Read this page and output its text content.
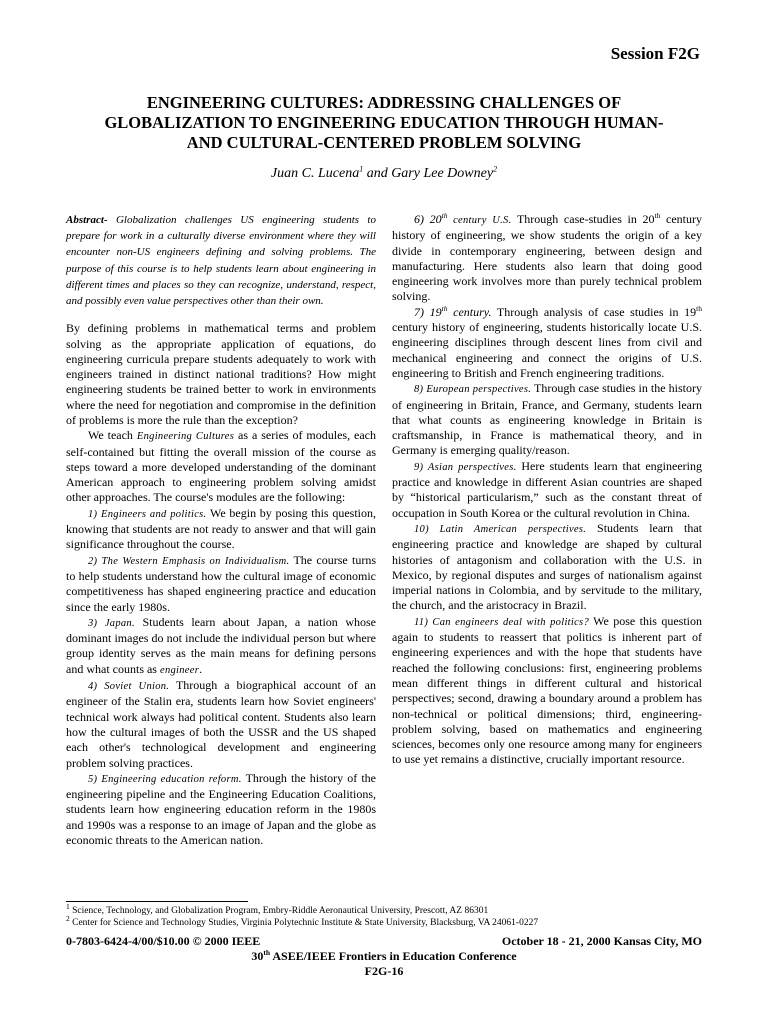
Session F2G
ENGINEERING CULTURES: ADDRESSING CHALLENGES OF
GLOBALIZATION TO ENGINEERING EDUCATION THROUGH HUMAN-
AND CULTURAL-CENTERED PROBLEM SOLVING
Juan C. Lucena$^1$ and Gary Lee Downey$^2$

Abstract- Globalization challenges US engineering students to prepare for work in a culturally diverse environment where they will encounter non-US engineers defining and solving problems. The purpose of this course is to help students learn about engineering in different times and places so they can recognize, understand, respect, and possibly even value perspectives other than their own.

By defining problems in mathematical terms and problem solving as the appropriate application of equations, do engineering curricula prepare students adequately to work with engineers trained in distinct national traditions? How might engineering students be trained better to work in environments where the need for negotiation and compromise in the definition of problems is more the rule than the exception?

We teach Engineering Cultures as a series of modules, each self-contained but fitting the overall mission of the course as steps toward a more developed understanding of the dominant American approach to engineering problem solving amidst other approaches. The course's modules are the following:

1) Engineers and politics. We begin by posing this question, knowing that students are not ready to answer and that will gain significance throughout the course.

2) The Western Emphasis on Individualism. The course turns to help students understand how the cultural image of economic competitiveness has shaped engineering practice and education since the early 1980s.

3) Japan. Students learn about Japan, a nation whose dominant images do not include the individual person but where group identity serves as the main means for defining persons and what counts as engineer.

4) Soviet Union. Through a biographical account of an engineer of the Stalin era, students learn how Soviet engineers' technical work always had political content. Students also learn how the cultural images of both the USSR and the US shaped each other's technological development and engineering problem solving practices.

5) Engineering education reform. Through the history of the engineering pipeline and the Engineering Education Coalitions, students learn how engineering education reform in the 1980s and 1990s was a response to an image of Japan and the globe as economic threats to the American nation.

6) 20th century U.S. Through case-studies in 20th century history of engineering, we show students the origin of a key divide in contemporary engineering, between design and manufacturing. Here students also learn that doing good engineering work involves more than purely technical problem solving.

7) 19th century. Through analysis of case studies in 19th century history of engineering, students historically locate U.S. engineering disciplines through descent lines from civil and mechanical engineering and connect the origins of U.S. engineering to British and French engineering traditions.

8) European perspectives. Through case studies in the history of engineering in Britain, France, and Germany, students learn that what counts as engineering knowledge in Britain is craftsmanship, in France is mathematical theory, and in Germany is emerging quality/reason.

9) Asian perspectives. Here students learn that engineering practice and knowledge in different Asian countries are shaped by “historical particularism,” such as the constant threat of occupation in South Korea or the cultural revolution in China.

10) Latin American perspectives. Students learn that engineering practice and knowledge are shaped by cultural histories of antagonism and collaboration with the U.S. in Mexico, by regional disputes and surges of nationalism against imperial nations in Colombia, and by servitude to the military, the church, and the aristocracy in Brazil.

11) Can engineers deal with politics? We pose this question again to students to reassert that politics is inherent part of engineering experiences and with the hope that students have reached the following conclusions: first, engineering problems mean different things in different cultural and historical perspectives; second, drawing a boundary around a problem has non-technical or political dimensions; third, engineering-problem solving, based on mathematics and engineering sciences, becomes only one resource among many for engineers to use yet remains a distinctive, crucially important resource.

$^1$ Science, Technology, and Globalization Program, Embry-Riddle Aeronautical University, Prescott, AZ 86301
$^2$ Center for Science and Technology Studies, Virginia Polytechnic Institute & State University, Blacksburg, VA 24061-0227
0-7803-6424-4/00/$10.00 © 2000 IEEE	October 18 - 21, 2000 Kansas City, MO
30th ASEE/IEEE Frontiers in Education Conference
F2G-16
